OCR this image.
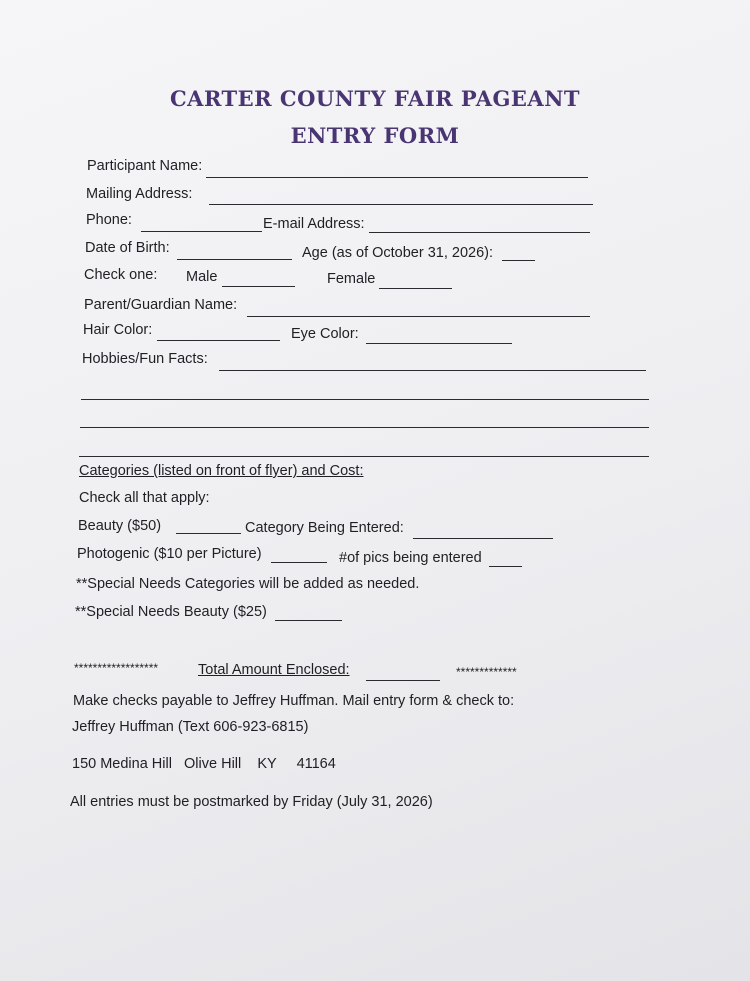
CARTER COUNTY FAIR PAGEANT
ENTRY FORM
Participant Name:
Mailing Address:
Phone:	E-mail Address:
Date of Birth:	Age (as of October 31, 2026):
Check one: Male	Female
Parent/Guardian Name:
Hair Color:	Eye Color:
Hobbies/Fun Facts:
Categories (listed on front of flyer) and Cost:
Check all that apply:
Beauty ($50)	Category Being Entered:
Photogenic ($10 per Picture)	#of pics being entered
**Special Needs Categories will be added as needed.
**Special Needs Beauty ($25)
******************	Total Amount Enclosed:	*************
Make checks payable to Jeffrey Huffman. Mail entry form & check to:
Jeffrey Huffman (Text 606-923-6815)
150 Medina Hill   Olive Hill    KY     41164
All entries must be postmarked by Friday (July 31, 2026)
